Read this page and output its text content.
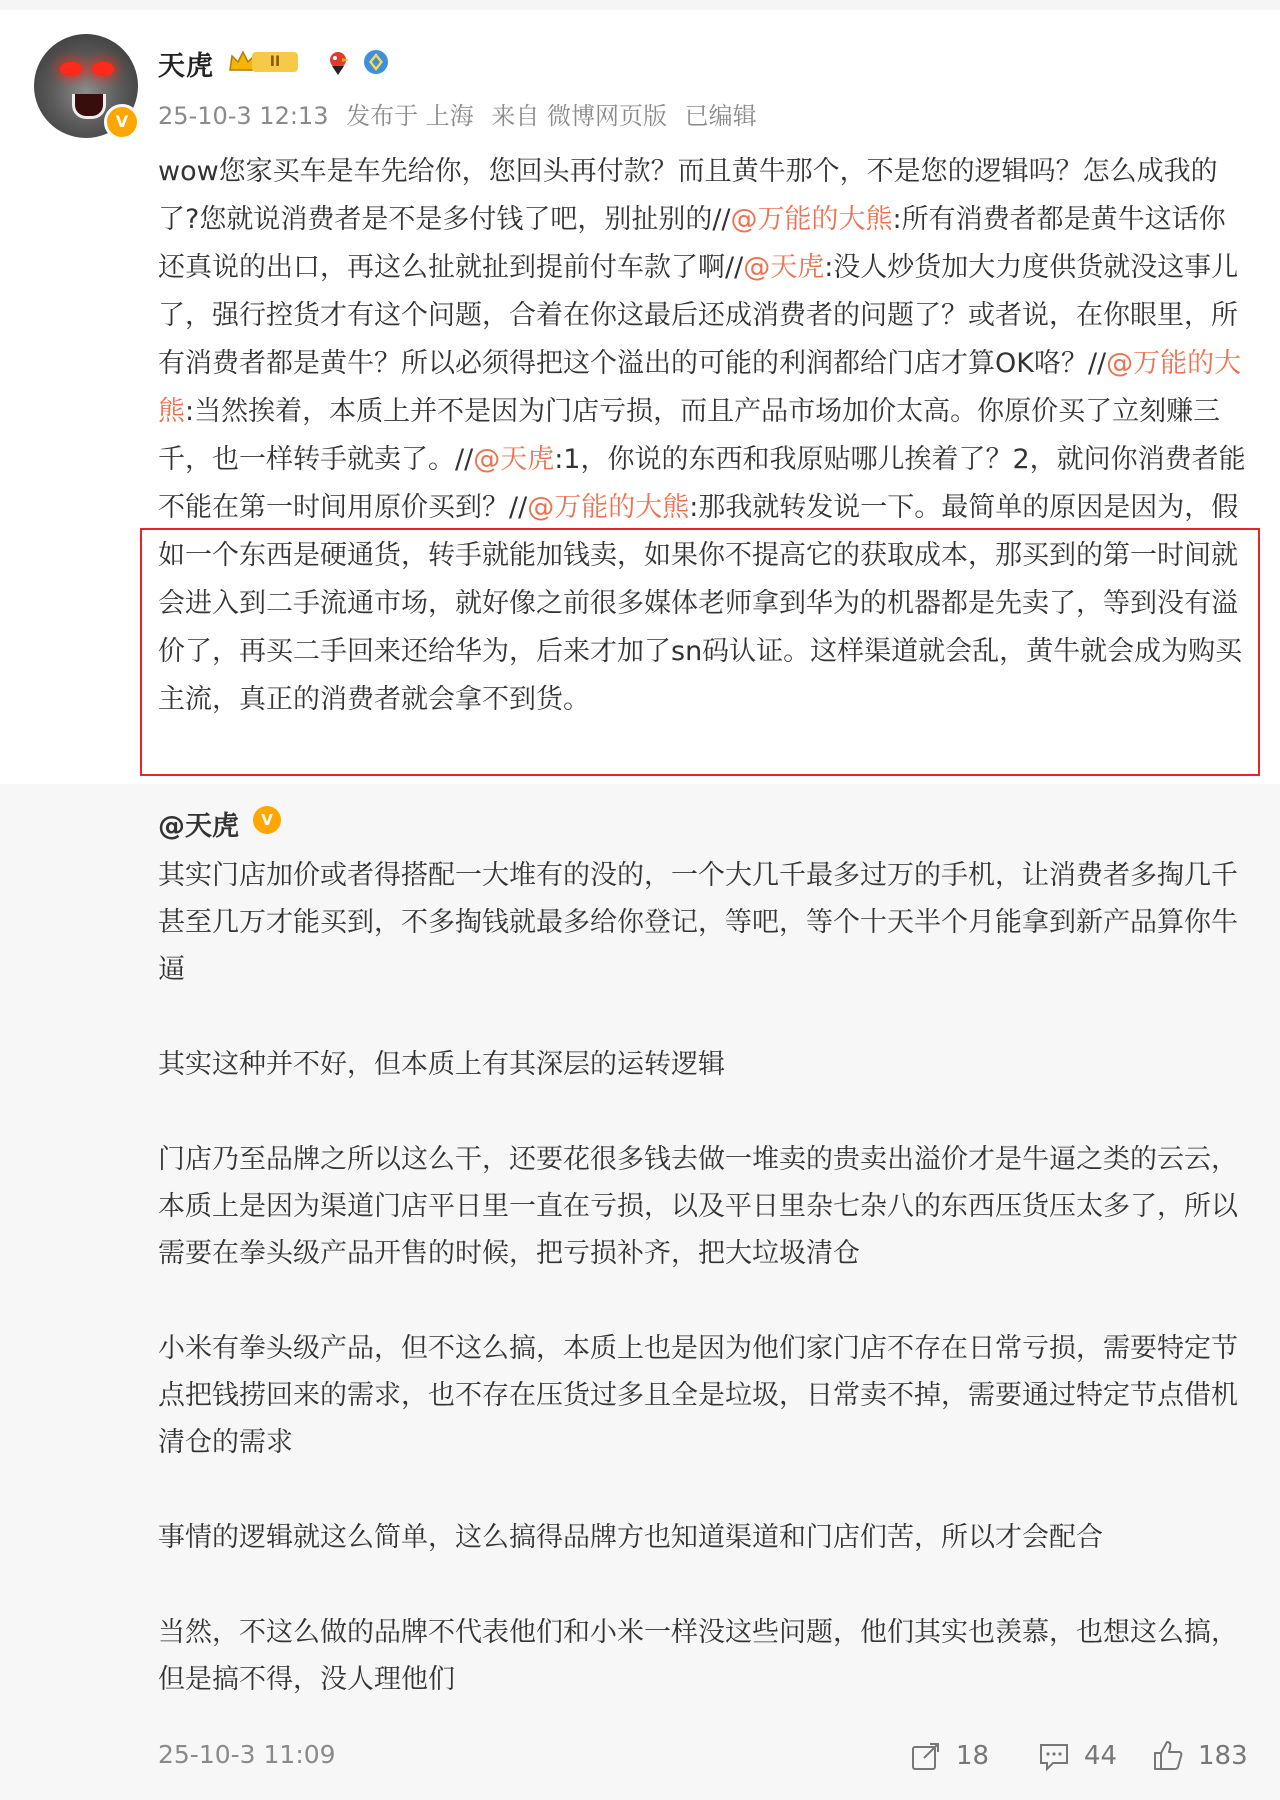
V
天虎	II
25-10-3 12:13 发布于 上海 来自 微博网页版 已编辑
wow您家买车是车先给你，您回头再付款？而且黄牛那个，不是您的逻辑吗？怎么成我的了?您就说消费者是不是多付钱了吧，别扯别的//@万能的大熊:所有消费者都是黄牛这话你还真说的出口，再这么扯就扯到提前付车款了啊//@天虎:没人炒货加大力度供货就没这事儿了，强行控货才有这个问题，合着在你这最后还成消费者的问题了？或者说，在你眼里，所有消费者都是黄牛？所以必须得把这个溢出的可能的利润都给门店才算OK咯？//@万能的大熊:当然挨着，本质上并不是因为门店亏损，而且产品市场加价太高。你原价买了立刻赚三千，也一样转手就卖了。//@天虎:1，你说的东西和我原贴哪儿挨着了？2，就问你消费者能不能在第一时间用原价买到？//@万能的大熊:那我就转发说一下。最简单的原因是因为，假如一个东西是硬通货，转手就能加钱卖，如果你不提高它的获取成本，那买到的第一时间就会进入到二手流通市场，就好像之前很多媒体老师拿到华为的机器都是先卖了，等到没有溢价了，再买二手回来还给华为，后来才加了sn码认证。这样渠道就会乱，黄牛就会成为购买主流，真正的消费者就会拿不到货。
@天虎	V

其实门店加价或者得搭配一大堆有的没的，一个大几千最多过万的手机，让消费者多掏几千甚至几万才能买到，不多掏钱就最多给你登记，等吧，等个十天半个月能拿到新产品算你牛逼

其实这种并不好，但本质上有其深层的运转逻辑

门店乃至品牌之所以这么干，还要花很多钱去做一堆卖的贵卖出溢价才是牛逼之类的云云，本质上是因为渠道门店平日里一直在亏损，以及平日里杂七杂八的东西压货压太多了，所以需要在拳头级产品开售的时候，把亏损补齐，把大垃圾清仓

小米有拳头级产品，但不这么搞，本质上也是因为他们家门店不存在日常亏损，需要特定节点把钱捞回来的需求，也不存在压货过多且全是垃圾，日常卖不掉，需要通过特定节点借机清仓的需求

事情的逻辑就这么简单，这么搞得品牌方也知道渠道和门店们苦，所以才会配合

当然，不这么做的品牌不代表他们和小米一样没这些问题，他们其实也羡慕，也想这么搞，但是搞不得，没人理他们

25-10-3 11:09	18	44	183
